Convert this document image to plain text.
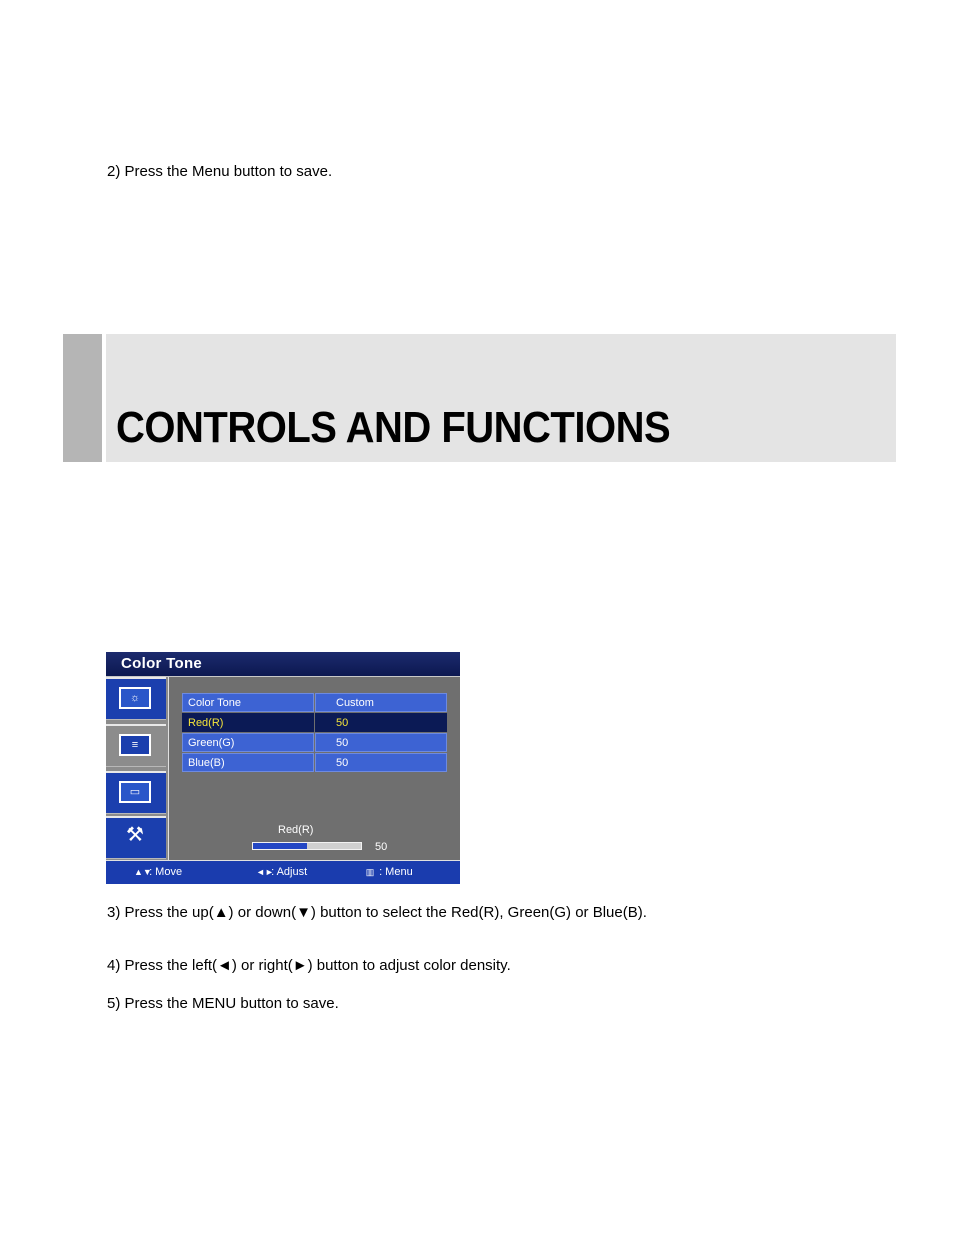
2) Press the Menu button to save.
CONTROLS AND FUNCTIONS
Color Tone
☼
≡
▭
⚒
Color Tone	Custom
Red(R)	50
Green(G)	50
Blue(B)	50
Red(R)
50
▲▼ : Move	◄► : Adjust	▥ : Menu
3) Press the up(▲) or down(▼) button to select the Red(R), Green(G) or Blue(B).
4) Press the left(◄) or right(►) button to adjust color density.
5) Press the MENU button to save.
